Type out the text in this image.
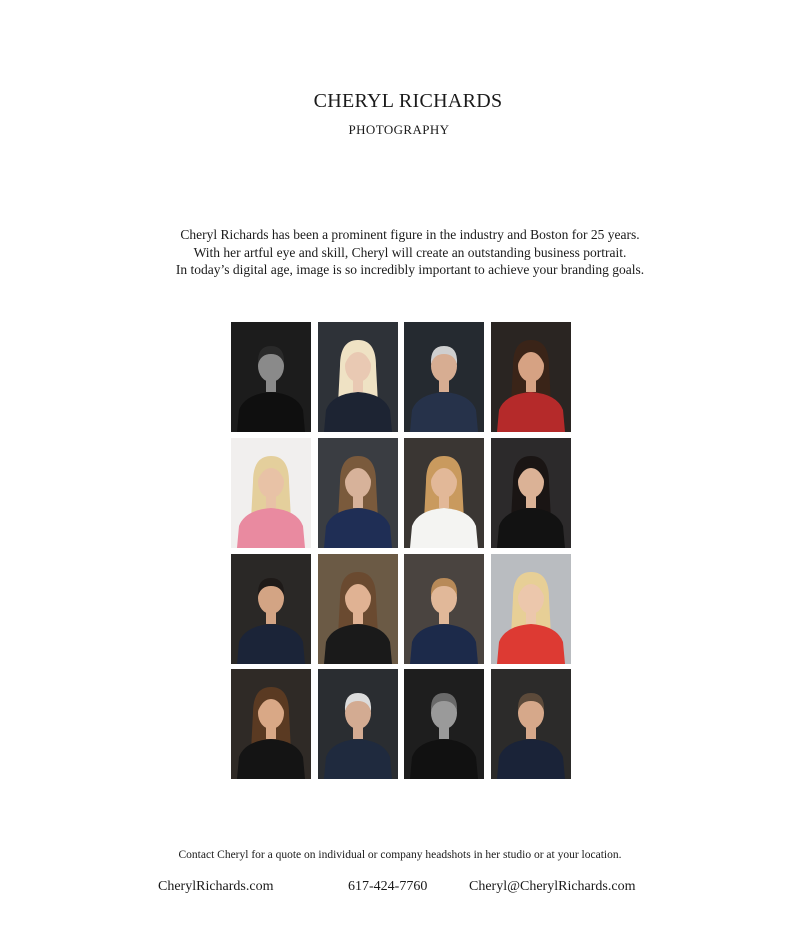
CHERYL RICHARDS
PHOTOGRAPHY
Cheryl Richards has been a prominent figure in the industry and Boston for 25 years.
With her artful eye and skill, Cheryl will create an outstanding business portrait.
In today’s digital age, image is so incredibly important to achieve your branding goals.
Contact Cheryl for a quote on individual or company headshots in her studio or at your location.
CherylRichards.com	617-424-7760	Cheryl@CherylRichards.com
